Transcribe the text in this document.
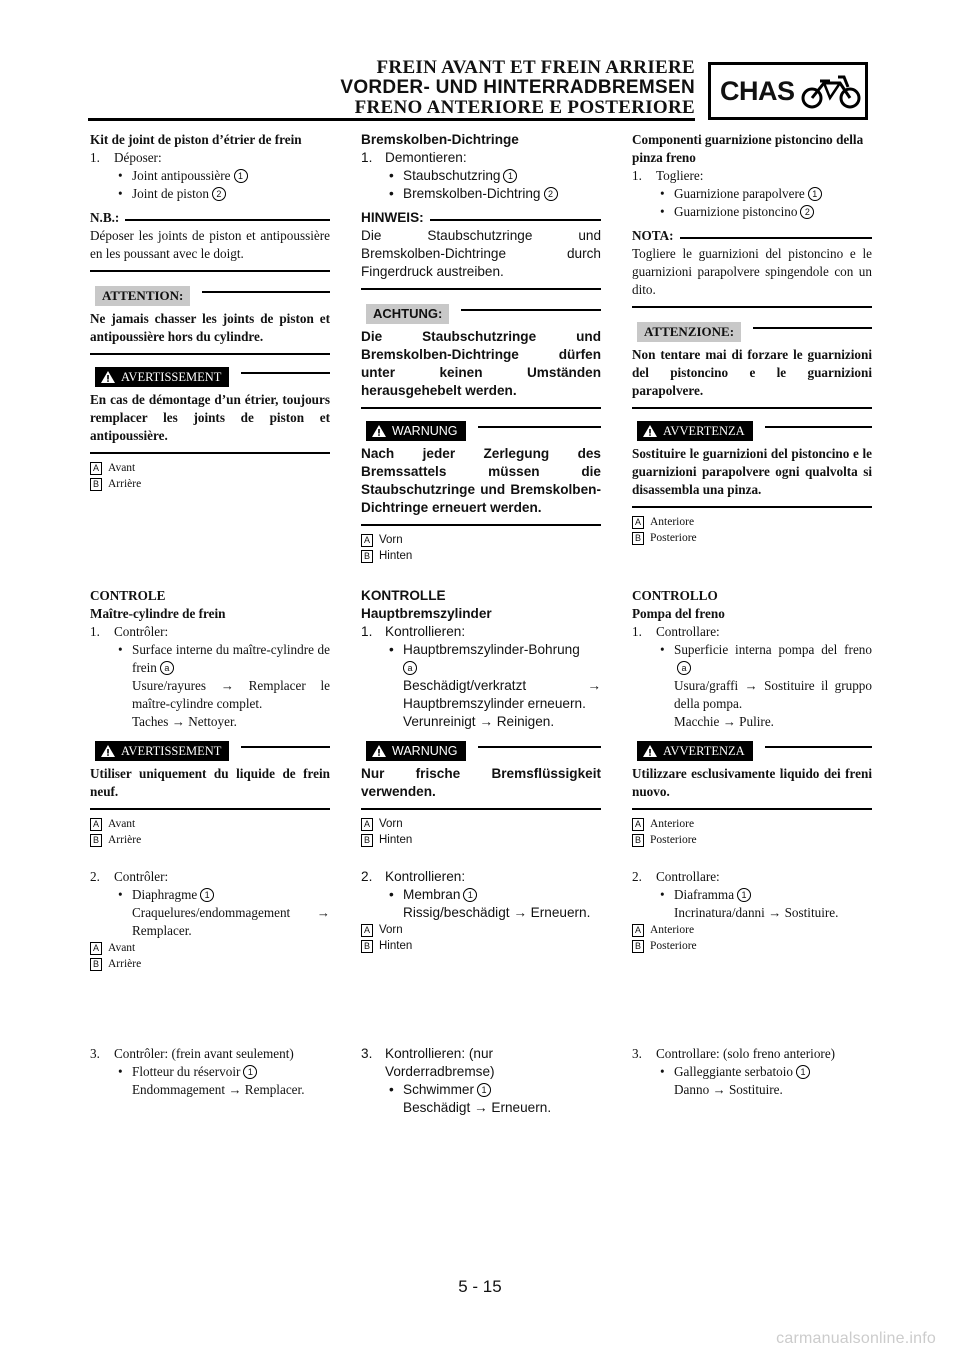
FREIN AVANT ET FREIN ARRIERE
VORDER- UND HINTERRADBREMSEN
FRENO ANTERIORE E POSTERIORE
CHAS

Kit de joint de piston d’étrier de frein

1.	Déposer:
• Joint antipoussière 1
• Joint de piston 2
N.B.:

Déposer les joints de piston et antipoussière en les poussant avec le doigt.

ATTENTION:

Ne jamais chasser les joints de piston et antipoussière hors du cylindre.

AVERTISSEMENT

En cas de démontage d’un étrier, toujours remplacer les joints de piston et antipoussière.

A Avant
B Arrière

CONTROLE

Maître-cylindre de frein

1.	Contrôler:
• Surface interne du maître-cylindre de frein a

Usure/rayures → Remplacer le maître-cylindre complet.

Taches → Nettoyer.

AVERTISSEMENT

Utiliser uniquement du liquide de frein neuf.

A Avant
B Arrière
2.	Contrôler:
• Diaphragme 1

Craquelures/endommagement → Remplacer.

A Avant
B Arrière
3.	Contrôler: (frein avant seulement)
• Flotteur du réservoir 1

Endommagement → Remplacer.

Bremskolben-Dichtringe

1. Demontieren:
• Staubschutzring 1
• Bremskolben-Dichtring 2
HINWEIS:

Die Staubschutzringe und Bremskolben-Dichtringe durch Fingerdruck austreiben.

ACHTUNG:

Die Staubschutzringe und Bremskolben-Dichtringe dürfen unter keinen Umständen herausgehebelt werden.

WARNUNG

Nach jeder Zerlegung des Bremssattels müssen die Staubschutzringe und Bremskolben-Dichtringe erneuert werden.

A Vorn
B Hinten

KONTROLLE

Hauptbremszylinder

1. Kontrollieren:
• Hauptbremszylinder-Bohrung
a

Beschädigt/verkratzt → Hauptbremszylinder erneuern.

Verunreinigt → Reinigen.

WARNUNG

Nur frische Bremsflüssigkeit verwenden.

A Vorn
B Hinten
2. Kontrollieren:
• Membran 1

Rissig/beschädigt → Erneuern.

A Vorn
B Hinten
3. Kontrollieren: (nur Vorderradbremse)
• Schwimmer 1

Beschädigt → Erneuern.

Componenti guarnizione pistoncino della pinza freno

1.	Togliere:
• Guarnizione parapolvere 1
• Guarnizione pistoncino 2
NOTA:

Togliere le guarnizioni del pistoncino e le guarnizioni parapolvere spingendole con un dito.

ATTENZIONE:

Non tentare mai di forzare le guarnizioni del pistoncino e le guarnizioni parapolvere.

AVVERTENZA

Sostituire le guarnizioni del pistoncino e le guarnizioni parapolvere ogni qualvolta si disassembla una pinza.

A Anteriore
B Posteriore

CONTROLLO

Pompa del freno

1.	Controllare:
• Superficie interna pompa del frenoa

Usura/graffi → Sostituire il gruppo della pompa.

Macchie → Pulire.

AVVERTENZA

Utilizzare esclusivamente liquido dei freni nuovo.

A Anteriore
B Posteriore
2.	Controllare:
• Diaframma 1

Incrinatura/danni → Sostituire.

A Anteriore
B Posteriore
3.	Controllare: (solo freno anteriore)
• Galleggiante serbatoio 1

Danno → Sostituire.

5 - 15
carmanualsonline.info
